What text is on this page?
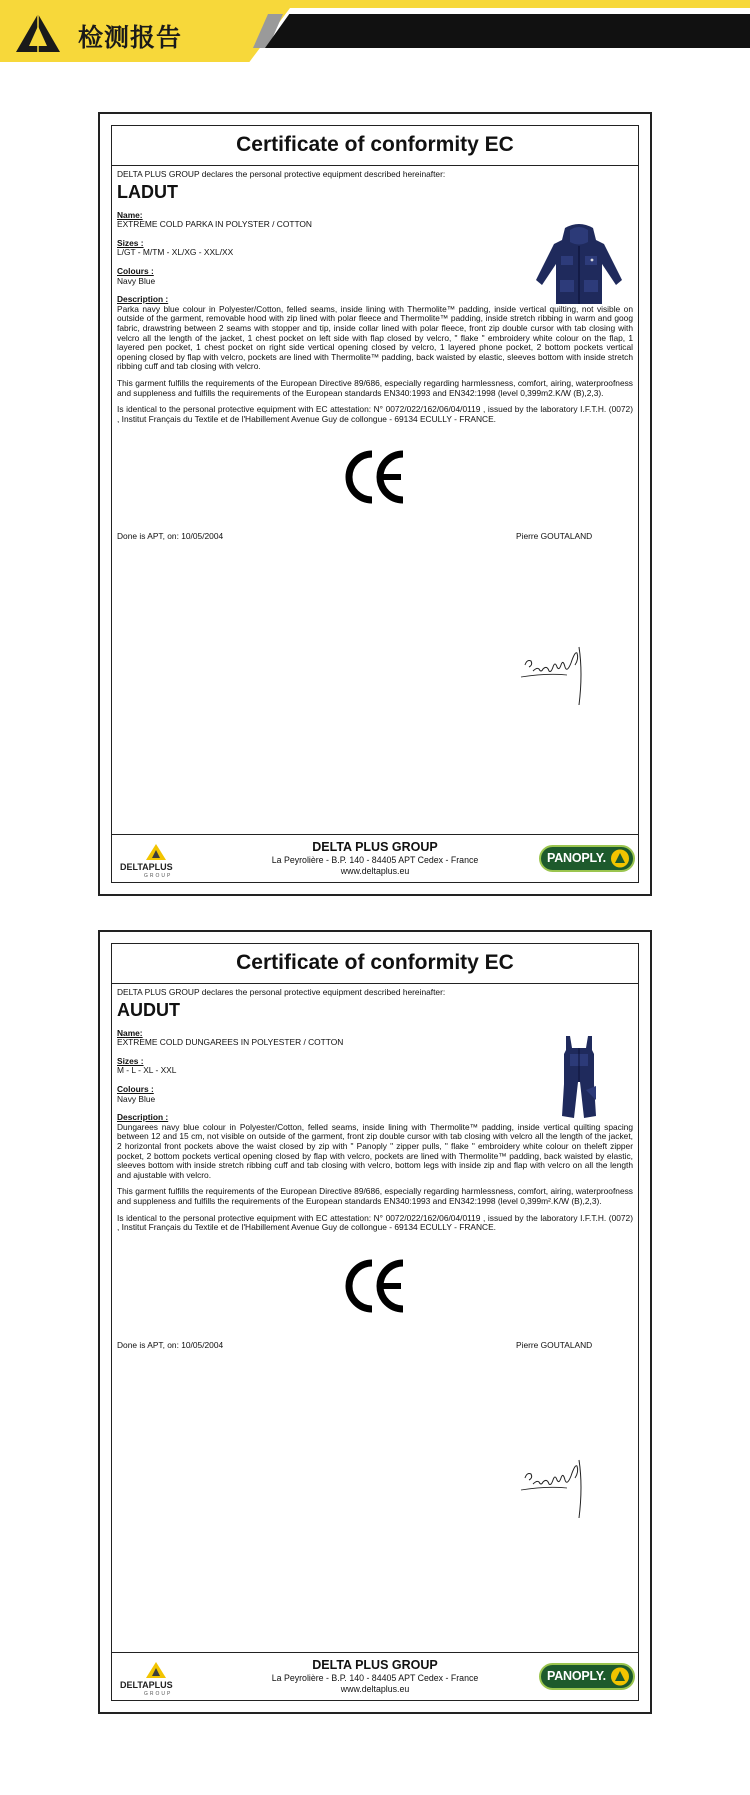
检测报告
Certificate of conformity EC
DELTA PLUS GROUP declares the personal protective equipment described hereinafter:
LADUT
Name:
EXTREME COLD PARKA IN POLYSTER / COTTON
Sizes :
L/GT - M/TM - XL/XG - XXL/XX
Colours :
Navy Blue
Description :
Parka navy blue colour in Polyester/Cotton, felled seams, inside lining with Thermolite™ padding, inside vertical quilting, not visible on outside of the garment, removable hood with zip lined with polar fleece and Thermolite™ padding, inside stretch ribbing in warm and goog fabric, drawstring between 2 seams with stopper and tip, inside collar lined with polar fleece, front zip double cursor with tab closing with velcro all the length of the jacket, 1 chest pocket on left side with flap closed by velcro, " flake " embroidery white colour on the flap, 1 layered pen pocket, 1 chest pocket on right side vertical opening closed by velcro, 1 layered phone pocket, 2 bottom pockets vertical opening closed by flap with velcro, pockets are lined with Thermolite™ padding, back waisted by elastic, sleeves bottom with inside stretch ribbing cuff and tab closing with velcro.
This garment fulfills the requirements of the European Directive 89/686, especially regarding harmlessness, comfort, airing, waterproofness and suppleness and fulfills the requirements of the European standards EN340:1993 and EN342:1998 (level 0,399m2.K/W (B),2,3).
Is identical to the personal protective equipment with EC attestation: N° 0072/022/162/06/04/0119 , issued by the laboratory I.F.T.H. (0072) , Institut Français du Textile et de l'Habillement Avenue Guy de collongue - 69134 ECULLY - FRANCE.
Done is APT, on: 10/05/2004	Pierre GOUTALAND
DELTAPLUS
GROUP
DELTA PLUS GROUP
La Peyrolière - B.P. 140 - 84405 APT Cedex - France
www.deltaplus.eu
PANOPLY.
Certificate of conformity EC
DELTA PLUS GROUP declares the personal protective equipment described hereinafter:
AUDUT
Name:
EXTREME COLD DUNGAREES IN POLYESTER / COTTON
Sizes :
M - L - XL - XXL
Colours :
Navy Blue
Description :
Dungarees navy blue colour in Polyester/Cotton, felled seams, inside lining with Thermolite™ padding, inside vertical quilting spacing between 12 and 15 cm, not visible on outside of the garment, front zip double cursor with tab closing with velcro all the length of the jacket, 2 horizontal front pockets above the waist closed by zip with " Panoply " zipper pulls, " flake " embroidery white colour on theleft zipper pocket, 2 bottom pockets vertical opening closed by flap with velcro, pockets are lined with Thermolite™ padding, back waisted by elastic, sleeves bottom with inside stretch ribbing cuff and tab closing with velcro, bottom legs with inside zip and flap with velcro on all the length and ajustable with velcro.
This garment fulfills the requirements of the European Directive 89/686, especially regarding harmlessness, comfort, airing, waterproofness and suppleness and fulfills the requirements of the European standards EN340:1993 and EN342:1998 (level 0,399m².K/W (B),2,3).
Is identical to the personal protective equipment with EC attestation: N° 0072/022/162/06/04/0119 , issued by the laboratory I.F.T.H. (0072) , Institut Français du Textile et de l'Habillement Avenue Guy de collongue - 69134 ECULLY - FRANCE.
Done is APT, on: 10/05/2004	Pierre GOUTALAND
DELTAPLUS
GROUP
DELTA PLUS GROUP
La Peyrolière - B.P. 140 - 84405 APT Cedex - France
www.deltaplus.eu
PANOPLY.
